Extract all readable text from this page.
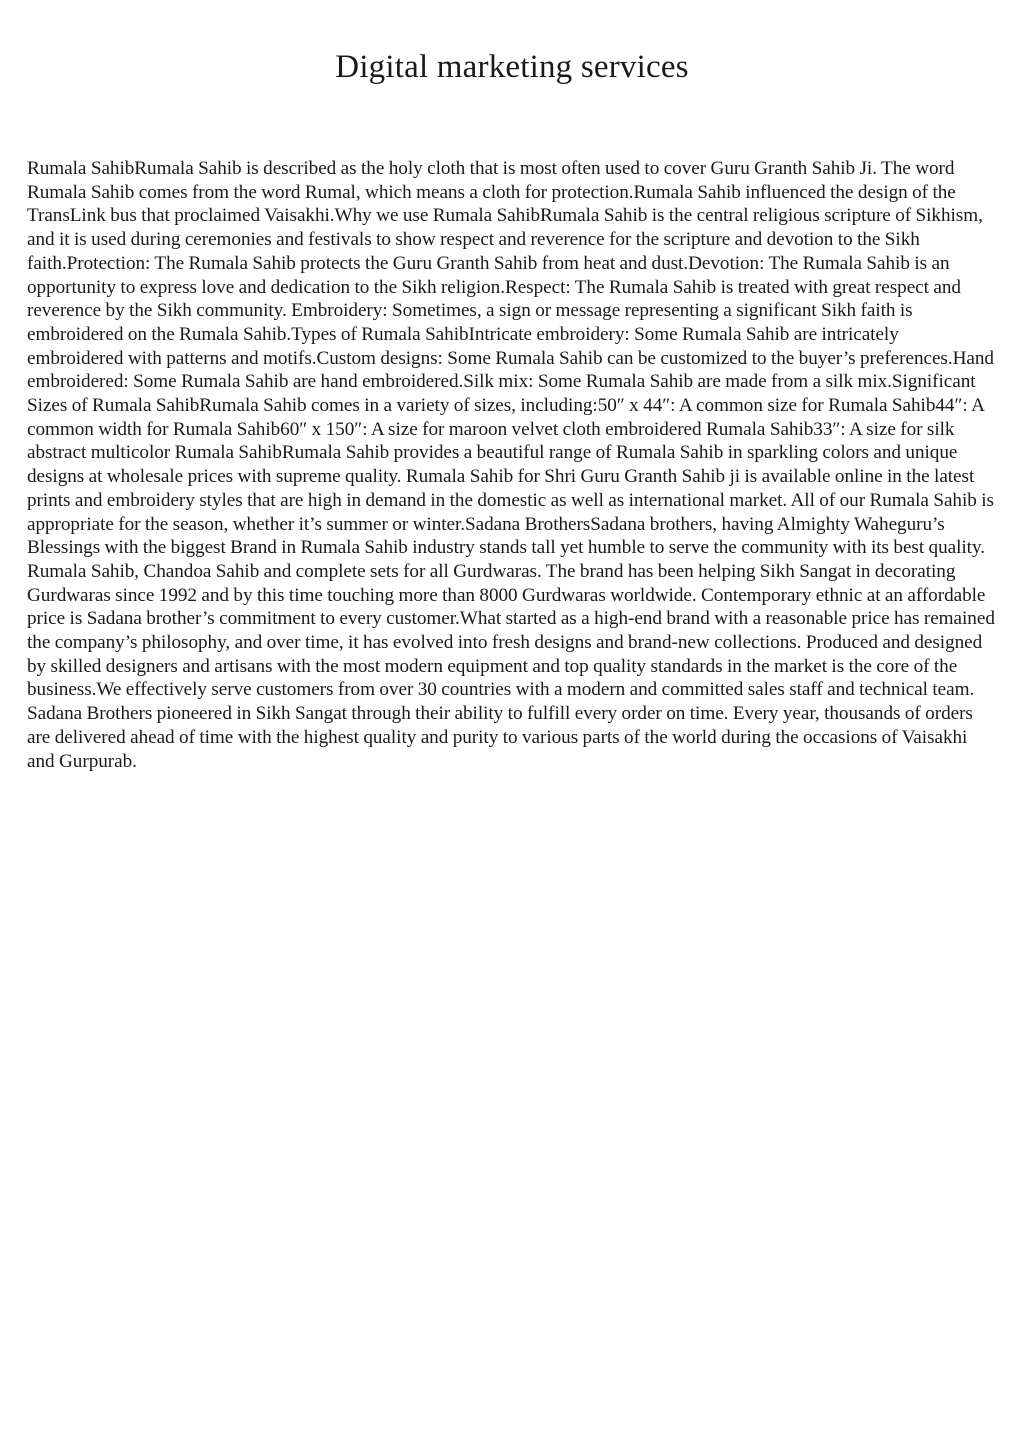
Digital marketing services

Rumala SahibRumala Sahib is described as the holy cloth that is most often used to cover Guru Granth Sahib Ji. The word Rumala Sahib comes from the word Rumal, which means a cloth for protection.Rumala Sahib influenced the design of the TransLink bus that proclaimed Vaisakhi.Why we use Rumala SahibRumala Sahib is the central religious scripture of Sikhism, and it is used during ceremonies and festivals to show respect and reverence for the scripture and devotion to the Sikh faith.Protection: The Rumala Sahib protects the Guru Granth Sahib from heat and dust.Devotion: The Rumala Sahib is an opportunity to express love and dedication to the Sikh religion.Respect: The Rumala Sahib is treated with great respect and reverence by the Sikh community. Embroidery: Sometimes, a sign or message representing a significant Sikh faith is embroidered on the Rumala Sahib.Types of Rumala SahibIntricate embroidery: Some Rumala Sahib are intricately embroidered with patterns and motifs.Custom designs: Some Rumala Sahib can be customized to the buyer’s preferences.Hand embroidered: Some Rumala Sahib are hand embroidered.Silk mix: Some Rumala Sahib are made from a silk mix.Significant Sizes of Rumala SahibRumala Sahib comes in a variety of sizes, including:50″ x 44″: A common size for Rumala Sahib44″: A common width for Rumala Sahib60″ x 150″: A size for maroon velvet cloth embroidered Rumala Sahib33″: A size for silk abstract multicolor Rumala SahibRumala Sahib provides a beautiful range of Rumala Sahib in sparkling colors and unique designs at wholesale prices with supreme quality. Rumala Sahib for Shri Guru Granth Sahib ji is available online in the latest prints and embroidery styles that are high in demand in the domestic as well as international market. All of our Rumala Sahib is appropriate for the season, whether it’s summer or winter.Sadana BrothersSadana brothers, having Almighty Waheguru’s Blessings with the biggest Brand in Rumala Sahib industry stands tall yet humble to serve the community with its best quality. Rumala Sahib, Chandoa Sahib and complete sets for all Gurdwaras. The brand has been helping Sikh Sangat in decorating Gurdwaras since 1992 and by this time touching more than 8000 Gurdwaras worldwide. Contemporary ethnic at an affordable price is Sadana brother’s commitment to every customer.What started as a high-end brand with a reasonable price has remained the company’s philosophy, and over time, it has evolved into fresh designs and brand-new collections. Produced and designed by skilled designers and artisans with the most modern equipment and top quality standards in the market is the core of the business.We effectively serve customers from over 30 countries with a modern and committed sales staff and technical team. Sadana Brothers pioneered in Sikh Sangat through their ability to fulfill every order on time. Every year, thousands of orders are delivered ahead of time with the highest quality and purity to various parts of the world during the occasions of Vaisakhi and Gurpurab.
